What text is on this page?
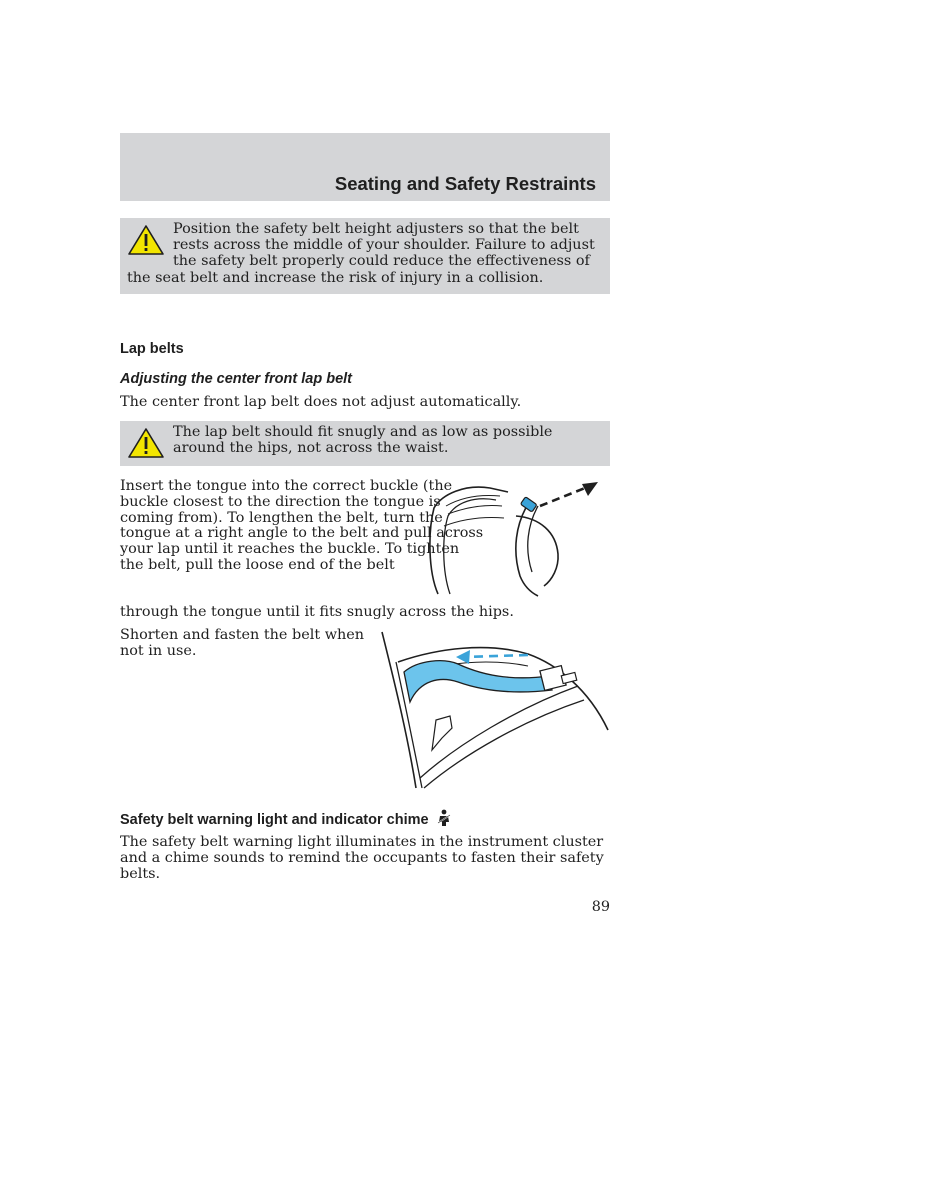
Seating and Safety Restraints
Position the safety belt height adjusters so that the belt rests across the middle of your shoulder. Failure to adjust the safety belt properly could reduce the effectiveness of the seat belt and increase the risk of injury in a collision.
Lap belts
Adjusting the center front lap belt
The center front lap belt does not adjust automatically.
The lap belt should fit snugly and as low as possible around the hips, not across the waist.
Insert the tongue into the correct buckle (the buckle closest to the direction the tongue is coming from). To lengthen the belt, turn the tongue at a right angle to the belt and pull across your lap until it reaches the buckle. To tighten the belt, pull the loose end of the belt
through the tongue until it fits snugly across the hips.
Shorten and fasten the belt when not in use.
Safety belt warning light and indicator chime
The safety belt warning light illuminates in the instrument cluster and a chime sounds to remind the occupants to fasten their safety belts.
89
